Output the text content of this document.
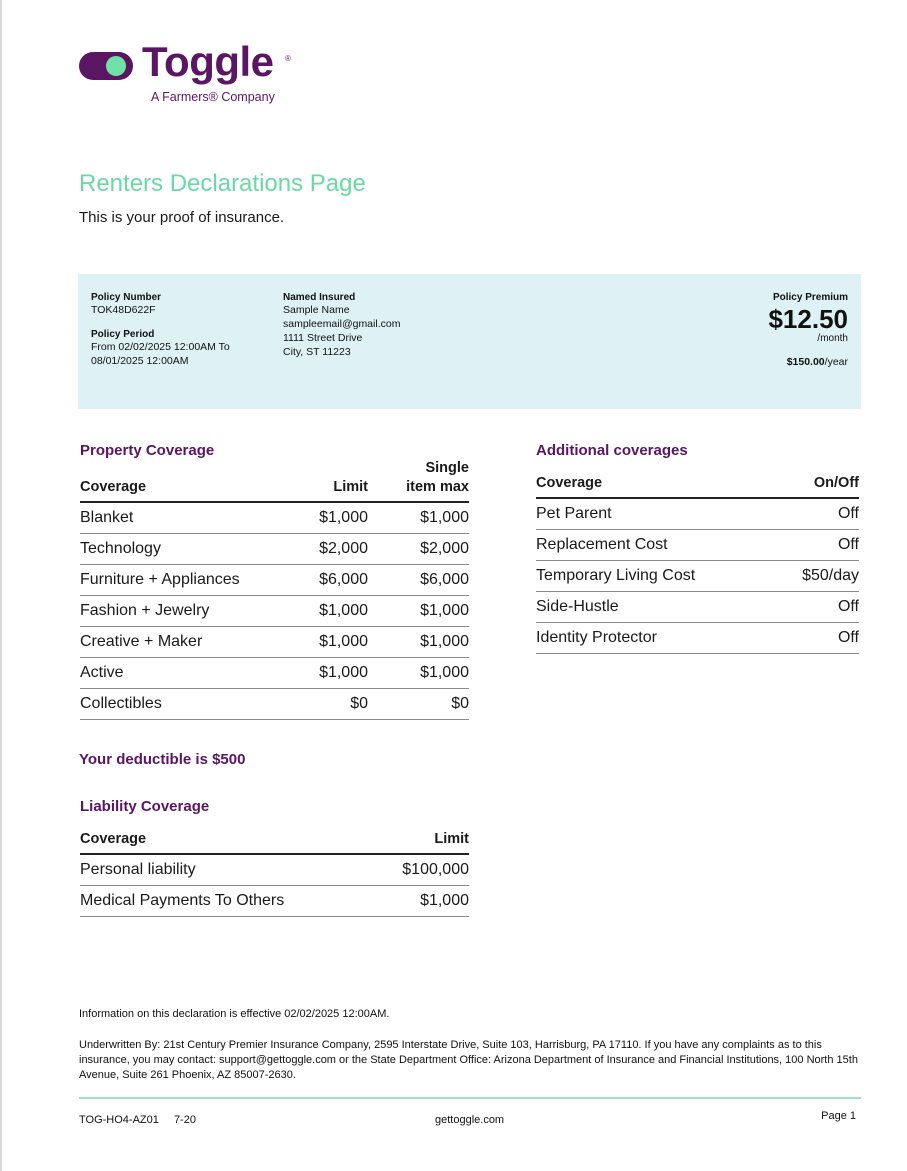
Toggle ®
A Farmers® Company
Renters Declarations Page

This is your proof of insurance.

Policy Number
TOK48D622F
Policy Period
From 02/02/2025 12:00AM To
08/01/2025 12:00AM
Named Insured
Sample Name
sampleemail@gmail.com
1111 Street Drive
City, ST 11223
Policy Premium
$12.50
/month
$150.00/year
Property Coverage
Coverage	Limit	Single
item max
Blanket	$1,000	$1,000
Technology	$2,000	$2,000
Furniture + Appliances	$6,000	$6,000
Fashion + Jewelry	$1,000	$1,000
Creative + Maker	$1,000	$1,000
Active	$1,000	$1,000
Collectibles	$0	$0

Your deductible is $500

Liability Coverage
Coverage	Limit
Personal liability	$100,000
Medical Payments To Others	$1,000
Additional coverages
Coverage	On/Off
Pet Parent	Off
Replacement Cost	Off
Temporary Living Cost	$50/day
Side-Hustle	Off
Identity Protector	Off

Information on this declaration is effective 02/02/2025 12:00AM.

Underwritten By: 21st Century Premier Insurance Company, 2595 Interstate Drive, Suite 103, Harrisburg, PA 17110. If you have any complaints as to this insurance, you may contact: support@gettoggle.com or the State Department Office: Arizona Department of Insurance and Financial Institutions, 100 North 15th Avenue, Suite 261 Phoenix, AZ 85007-2630.

TOG-HO4-AZ01 7-20	gettoggle.com	Page 1
